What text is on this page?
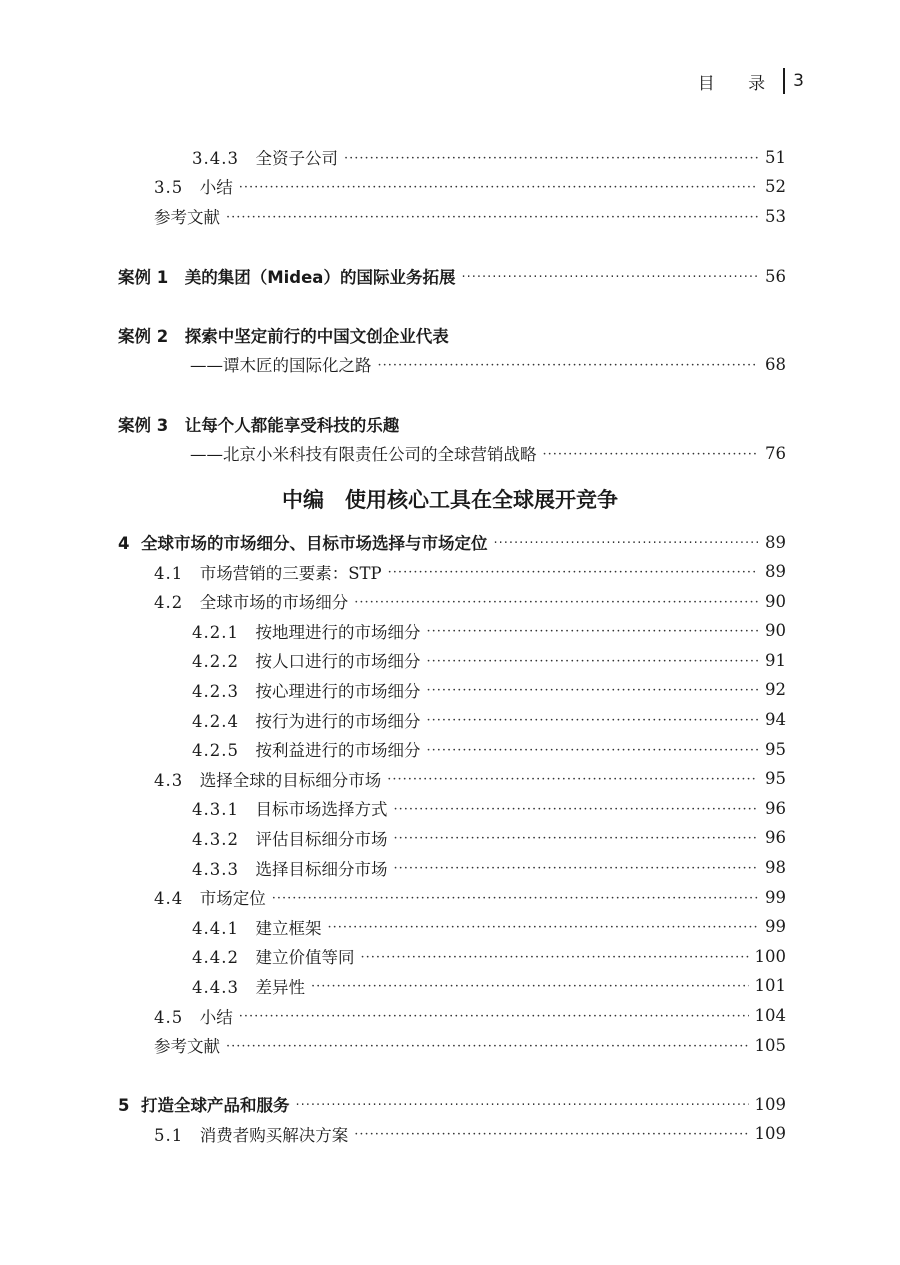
目 录 3
3.4.3　 全资子公司 ·····	51
3.5　 小结 ·····	52
参考文献 ·····	53
案例 1　 美的集团（Midea）的国际业务拓展 ·····	56
案例 2
　 探索中坚定前行的中国文创企业代表
——谭木匠的国际化之路 ·····	68
案例 3
　 让每个人都能享受科技的乐趣
——北京小米科技有限责任公司的全球营销战略 ·····	76
中编　使用核心工具在全球展开竞争
4 全球市场的市场细分、目标市场选择与市场定位 ·····	89
4.1　 市场营销的三要素：STP ·····	89
4.2　 全球市场的市场细分 ·····	90
4.2.1　 按地理进行的市场细分 ·····	90
4.2.2　 按人口进行的市场细分 ·····	91
4.2.3　 按心理进行的市场细分 ·····	92
4.2.4　 按行为进行的市场细分 ·····	94
4.2.5　 按利益进行的市场细分 ·····	95
4.3　 选择全球的目标细分市场 ·····	95
4.3.1　 目标市场选择方式 ·····	96
4.3.2　 评估目标细分市场 ·····	96
4.3.3　 选择目标细分市场 ·····	98
4.4　 市场定位 ·····	99
4.4.1　 建立框架 ·····	99
4.4.2　 建立价值等同 ·····	100
4.4.3　 差异性 ·····	101
4.5　 小结 ·····	104
参考文献 ·····	105
5 打造全球产品和服务 ·····	109
5.1　 消费者购买解决方案 ·····	109
